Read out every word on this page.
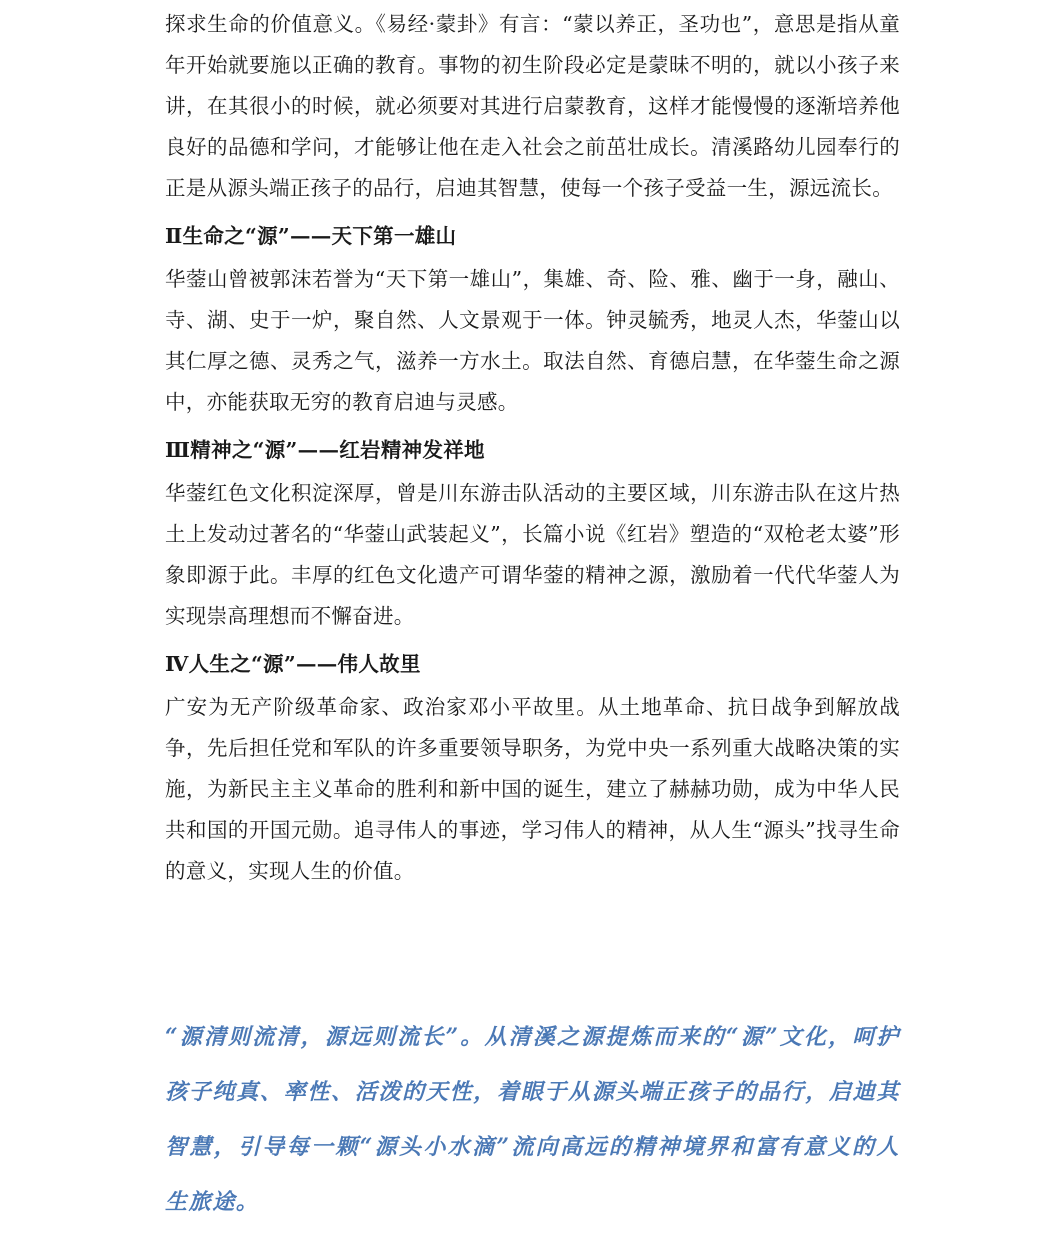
探求生命的价值意义。《易经·蒙卦》有言：“蒙以养正，圣功也”，意思是指从童年开始就要施以正确的教育。事物的初生阶段必定是蒙昧不明的，就以小孩子来讲，在其很小的时候，就必须要对其进行启蒙教育，这样才能慢慢的逐渐培养他良好的品德和学问，才能够让他在走入社会之前茁壮成长。清溪路幼儿园奉行的正是从源头端正孩子的品行，启迪其智慧，使每一个孩子受益一生，源远流长。

Ⅱ生命之“源”——天下第一雄山

华蓥山曾被郭沫若誉为“天下第一雄山”，集雄、奇、险、雅、幽于一身，融山、寺、湖、史于一炉，聚自然、人文景观于一体。钟灵毓秀，地灵人杰，华蓥山以其仁厚之德、灵秀之气，滋养一方水土。取法自然、育德启慧，在华蓥生命之源中，亦能获取无穷的教育启迪与灵感。

Ⅲ精神之“源”——红岩精神发祥地

华蓥红色文化积淀深厚，曾是川东游击队活动的主要区域，川东游击队在这片热土上发动过著名的“华蓥山武装起义”，长篇小说《红岩》塑造的“双枪老太婆”形象即源于此。丰厚的红色文化遗产可谓华蓥的精神之源，激励着一代代华蓥人为实现崇高理想而不懈奋进。

Ⅳ人生之“源”——伟人故里

广安为无产阶级革命家、政治家邓小平故里。从土地革命、抗日战争到解放战争，先后担任党和军队的许多重要领导职务，为党中央一系列重大战略决策的实施，为新民主主义革命的胜利和新中国的诞生，建立了赫赫功勋，成为中华人民共和国的开国元勋。追寻伟人的事迹，学习伟人的精神，从人生“源头”找寻生命的意义，实现人生的价值。

“源清则流清，源远则流长”。从清溪之源提炼而来的“源”文化，呵护孩子纯真、率性、活泼的天性，着眼于从源头端正孩子的品行，启迪其智慧，引导每一颗“源头小水滴”流向高远的精神境界和富有意义的人生旅途。
